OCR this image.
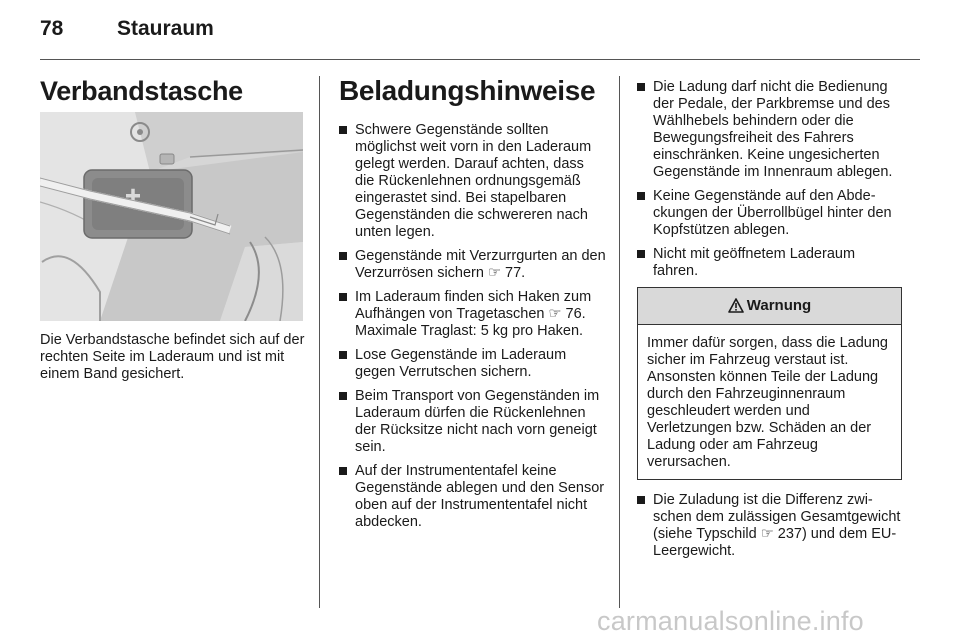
78	Stauraum
Verbandstasche
Die Verbandstasche befindet sich auf der rechten Seite im Laderaum und ist mit einem Band gesichert.
Beladungshinweise
Schwere Gegenstände sollten möglichst weit vorn in den Laderaum gelegt werden. Darauf achten, dass die Rückenlehnen ordnungsgemäß eingerastet sind. Bei stapelbaren Gegenständen die schwereren nach unten legen.
Gegenstände mit Verzurrgurten an den Verzurrösen sichern ☞ 77.
Im Laderaum finden sich Haken zum Aufhängen von Tragetaschen ☞ 76. Maximale Traglast: 5 kg pro Haken.
Lose Gegenstände im Laderaum gegen Verrutschen sichern.
Beim Transport von Gegenständen im Laderaum dürfen die Rückenlehnen der Rücksitze nicht nach vorn geneigt sein.
Auf der Instrumententafel keine Gegenstände ablegen und den Sensor oben auf der Instrumententafel nicht abdecken.
Die Ladung darf nicht die Bedienung der Pedale, der Parkbremse und des Wählhebels behindern oder die Bewegungsfreiheit des Fahrers einschränken. Keine ungesicherten Gegenstände im Innenraum ablegen.
Keine Gegenstände auf den Abdeckungen der Überrollbügel hinter den Kopfstützen ablegen.
Nicht mit geöffnetem Laderaum fahren.
Warnung
Immer dafür sorgen, dass die Ladung sicher im Fahrzeug verstaut ist. Ansonsten können Teile der Ladung durch den Fahrzeuginnenraum geschleudert werden und Verletzungen bzw. Schäden an der Ladung oder am Fahrzeug verursachen.
Die Zuladung ist die Differenz zwischen dem zulässigen Gesamtgewicht (siehe Typschild ☞ 237) und dem EU-Leergewicht.
carmanualsonline.info
